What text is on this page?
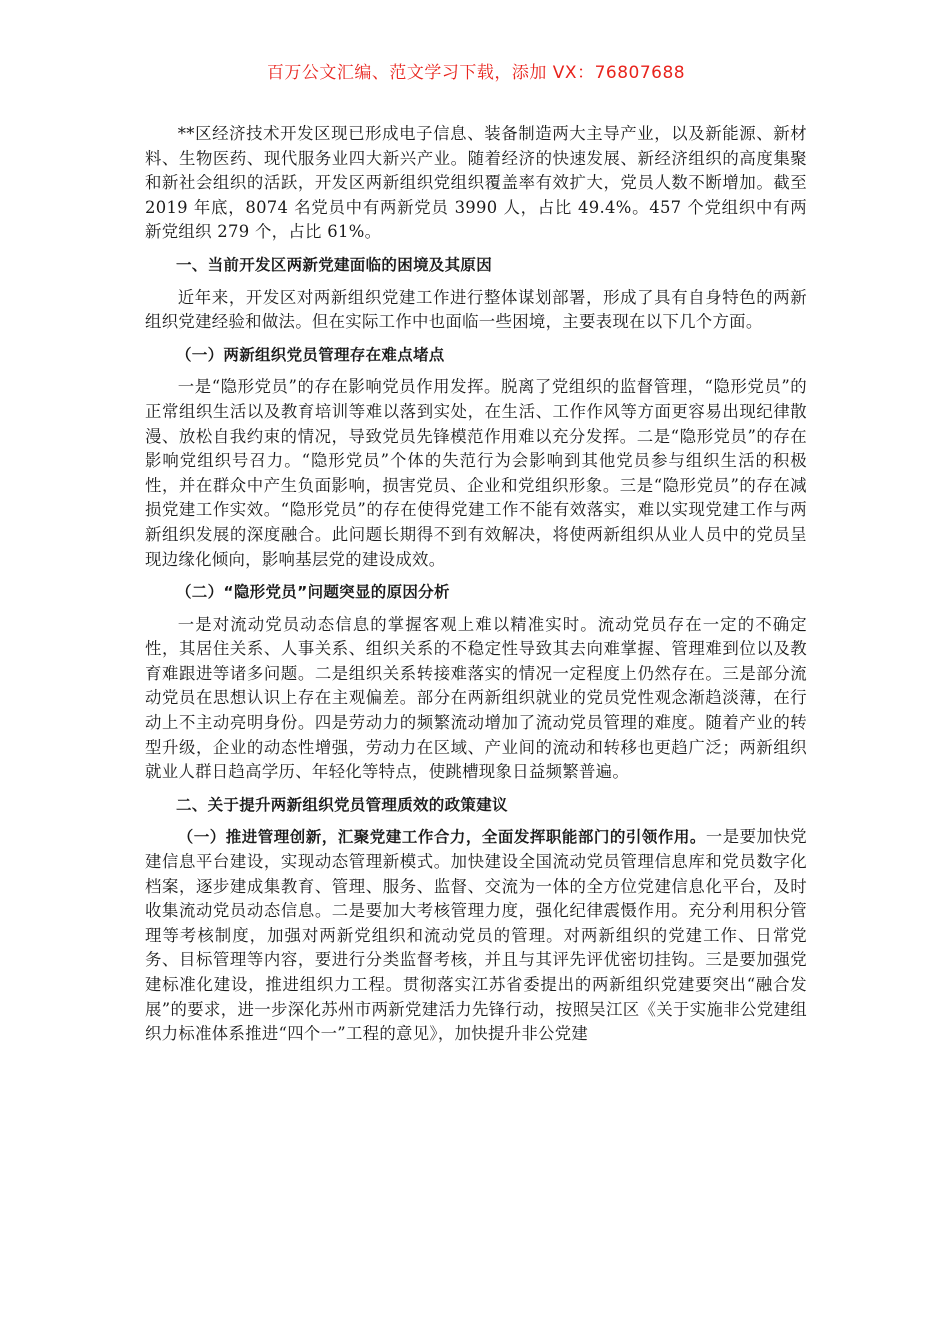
百万公文汇编、范文学习下载，添加 VX：76807688

**区经济技术开发区现已形成电子信息、装备制造两大主导产业，以及新能源、新材料、生物医药、现代服务业四大新兴产业。随着经济的快速发展、新经济组织的高度集聚和新社会组织的活跃，开发区两新组织党组织覆盖率有效扩大，党员人数不断增加。截至 2019 年底，8074 名党员中有两新党员 3990 人，占比 49.4%。457 个党组织中有两新党组织 279 个，占比 61%。

一、当前开发区两新党建面临的困境及其原因

近年来，开发区对两新组织党建工作进行整体谋划部署，形成了具有自身特色的两新组织党建经验和做法。但在实际工作中也面临一些困境，主要表现在以下几个方面。

（一）两新组织党员管理存在难点堵点

一是“隐形党员”的存在影响党员作用发挥。脱离了党组织的监督管理，“隐形党员”的正常组织生活以及教育培训等难以落到实处，在生活、工作作风等方面更容易出现纪律散漫、放松自我约束的情况，导致党员先锋模范作用难以充分发挥。二是“隐形党员”的存在影响党组织号召力。“隐形党员”个体的失范行为会影响到其他党员参与组织生活的积极性，并在群众中产生负面影响，损害党员、企业和党组织形象。三是“隐形党员”的存在减损党建工作实效。“隐形党员”的存在使得党建工作不能有效落实，难以实现党建工作与两新组织发展的深度融合。此问题长期得不到有效解决，将使两新组织从业人员中的党员呈现边缘化倾向，影响基层党的建设成效。

（二）“隐形党员”问题突显的原因分析

一是对流动党员动态信息的掌握客观上难以精准实时。流动党员存在一定的不确定性，其居住关系、人事关系、组织关系的不稳定性导致其去向难掌握、管理难到位以及教育难跟进等诸多问题。二是组织关系转接难落实的情况一定程度上仍然存在。三是部分流动党员在思想认识上存在主观偏差。部分在两新组织就业的党员党性观念渐趋淡薄，在行动上不主动亮明身份。四是劳动力的频繁流动增加了流动党员管理的难度。随着产业的转型升级，企业的动态性增强，劳动力在区域、产业间的流动和转移也更趋广泛；两新组织就业人群日趋高学历、年轻化等特点，使跳槽现象日益频繁普遍。

二、关于提升两新组织党员管理质效的政策建议

（一）推进管理创新，汇聚党建工作合力，全面发挥职能部门的引领作用。一是要加快党建信息平台建设，实现动态管理新模式。加快建设全国流动党员管理信息库和党员数字化档案，逐步建成集教育、管理、服务、监督、交流为一体的全方位党建信息化平台，及时收集流动党员动态信息。二是要加大考核管理力度，强化纪律震慑作用。充分利用积分管理等考核制度，加强对两新党组织和流动党员的管理。对两新组织的党建工作、日常党务、目标管理等内容，要进行分类监督考核，并且与其评先评优密切挂钩。三是要加强党建标准化建设，推进组织力工程。贯彻落实江苏省委提出的两新组织党建要突出“融合发展”的要求，进一步深化苏州市两新党建活力先锋行动，按照吴江区《关于实施非公党建组织力标准体系推进“四个一”工程的意见》，加快提升非公党建
